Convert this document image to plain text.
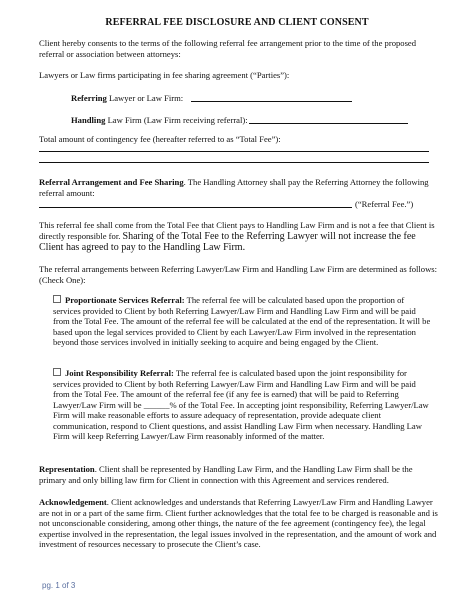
REFERRAL FEE DISCLOSURE AND CLIENT CONSENT
Client hereby consents to the terms of the following referral fee arrangement prior to the time of the proposed referral or association between attorneys:
Lawyers or Law firms participating in fee sharing agreement (“Parties”):
Referring Lawyer or Law Firm:
Handling Law Firm (Law Firm receiving referral):
Total amount of contingency fee (hereafter referred to as “Total Fee”):
Referral Arrangement and Fee Sharing. The Handling Attorney shall pay the Referring Attorney the following referral amount:
(“Referral Fee.”)
This referral fee shall come from the Total Fee that Client pays to Handling Law Firm and is not a fee that Client is directly responsible for. Sharing of the Total Fee to the Referring Lawyer will not increase the fee Client has agreed to pay to the Handling Law Firm.
The referral arrangements between Referring Lawyer/Law Firm and Handling Law Firm are determined as follows: (Check One):
Proportionate Services Referral: The referral fee will be calculated based upon the proportion of services provided to Client by both Referring Lawyer/Law Firm and Handling Law Firm and will be paid from the Total Fee. The amount of the referral fee will be calculated at the end of the representation. It will be based upon the legal services provided to Client by each Lawyer/Law Firm involved in the representation beyond those services involved in initially seeking to acquire and being engaged by the Client.
Joint Responsibility Referral: The referral fee is calculated based upon the joint responsibility for services provided to Client by both Referring Lawyer/Law Firm and Handling Law Firm and will be paid from the Total Fee. The amount of the referral fee (if any fee is earned) that will be paid to Referring Lawyer/Law Firm will be ______% of the Total Fee. In accepting joint responsibility, Referring Lawyer/Law Firm will make reasonable efforts to assure adequacy of representation, provide adequate client communication, respond to Client questions, and assist Handling Law Firm when necessary. Handling Law Firm will keep Referring Lawyer/Law Firm reasonably informed of the matter.
Representation. Client shall be represented by Handling Law Firm, and the Handling Law Firm shall be the primary and only billing law firm for Client in connection with this Agreement and services rendered.
Acknowledgement. Client acknowledges and understands that Referring Lawyer/Law Firm and Handling Lawyer are not in or a part of the same firm. Client further acknowledges that the total fee to be charged is reasonable and is not unconscionable considering, among other things, the nature of the fee agreement (contingency fee), the legal expertise involved in the representation, the legal issues involved in the representation, and the amount of work and investment of resources necessary to prosecute the Client’s case.
pg. 1 of 3
